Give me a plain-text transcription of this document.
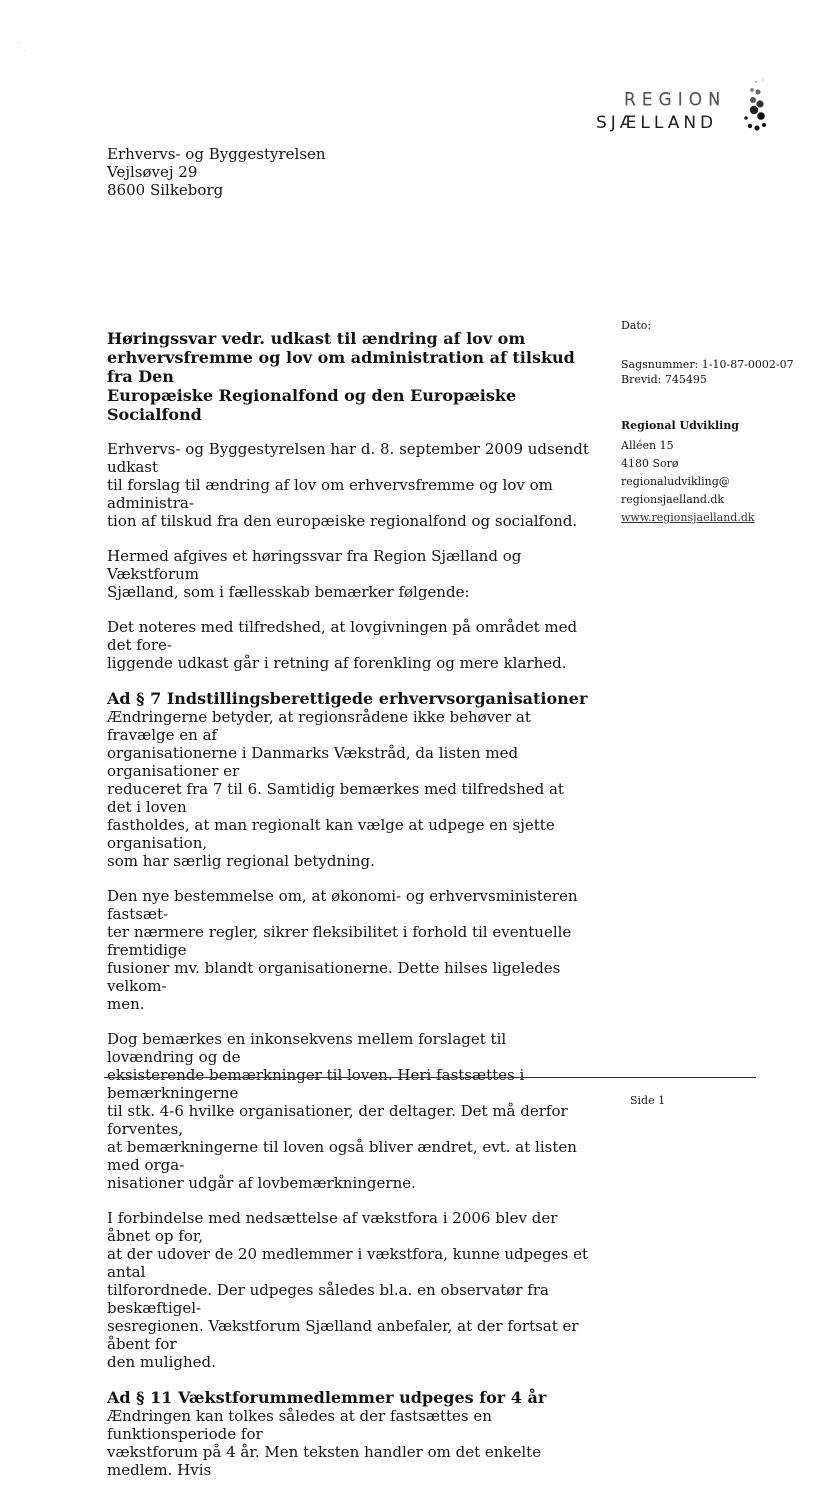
·
·
REGION
SJÆLLAND
Erhvervs- og Byggestyrelsen
Vejlsøvej 29
8600 Silkeborg
Dato:
Sagsnummer: 1-10-87-0002-07
Brevid: 745495
Regional Udvikling
Alléen 15
4180 Sorø
regionaludvikling@
regionsjaelland.dk
www.regionsjaelland.dk
Høringssvar vedr. udkast til ændring af lov om
erhvervsfremme og lov om administration af tilskud fra Den
Europæiske Regionalfond og den Europæiske Socialfond

Erhvervs- og Byggestyrelsen har d. 8. september 2009 udsendt udkast
til forslag til ændring af lov om erhvervsfremme og lov om administra-
tion af tilskud fra den europæiske regionalfond og socialfond.

Hermed afgives et høringssvar fra Region Sjælland og Vækstforum
Sjælland, som i fællesskab bemærker følgende:

Det noteres med tilfredshed, at lovgivningen på området med det fore-
liggende udkast går i retning af forenkling og mere klarhed.

Ad § 7 Indstillingsberettigede erhvervsorganisationer

Ændringerne betyder, at regionsrådene ikke behøver at fravælge en af
organisationerne i Danmarks Vækstråd, da listen med organisationer er
reduceret fra 7 til 6. Samtidig bemærkes med tilfredshed at det i loven
fastholdes, at man regionalt kan vælge at udpege en sjette organisation,
som har særlig regional betydning.

Den nye bestemmelse om, at økonomi- og erhvervsministeren fastsæt-
ter nærmere regler, sikrer fleksibilitet i forhold til eventuelle fremtidige
fusioner mv. blandt organisationerne. Dette hilses ligeledes velkom-
men.

Dog bemærkes en inkonsekvens mellem forslaget til lovændring og de
eksisterende bemærkninger til loven. Heri fastsættes i bemærkningerne
til stk. 4-6 hvilke organisationer, der deltager. Det må derfor forventes,
at bemærkningerne til loven også bliver ændret, evt. at listen med orga-
nisationer udgår af lovbemærkningerne.

I forbindelse med nedsættelse af vækstfora i 2006 blev der åbnet op for,
at der udover de 20 medlemmer i vækstfora, kunne udpeges et antal
tilforordnede. Der udpeges således bl.a. en observatør fra beskæftigel-
sesregionen. Vækstforum Sjælland anbefaler, at der fortsat er åbent for
den mulighed.

Ad § 11 Vækstforummedlemmer udpeges for 4 år

Ændringen kan tolkes således at der fastsættes en funktionsperiode for
vækstforum på 4 år. Men teksten handler om det enkelte medlem. Hvis

Side 1
